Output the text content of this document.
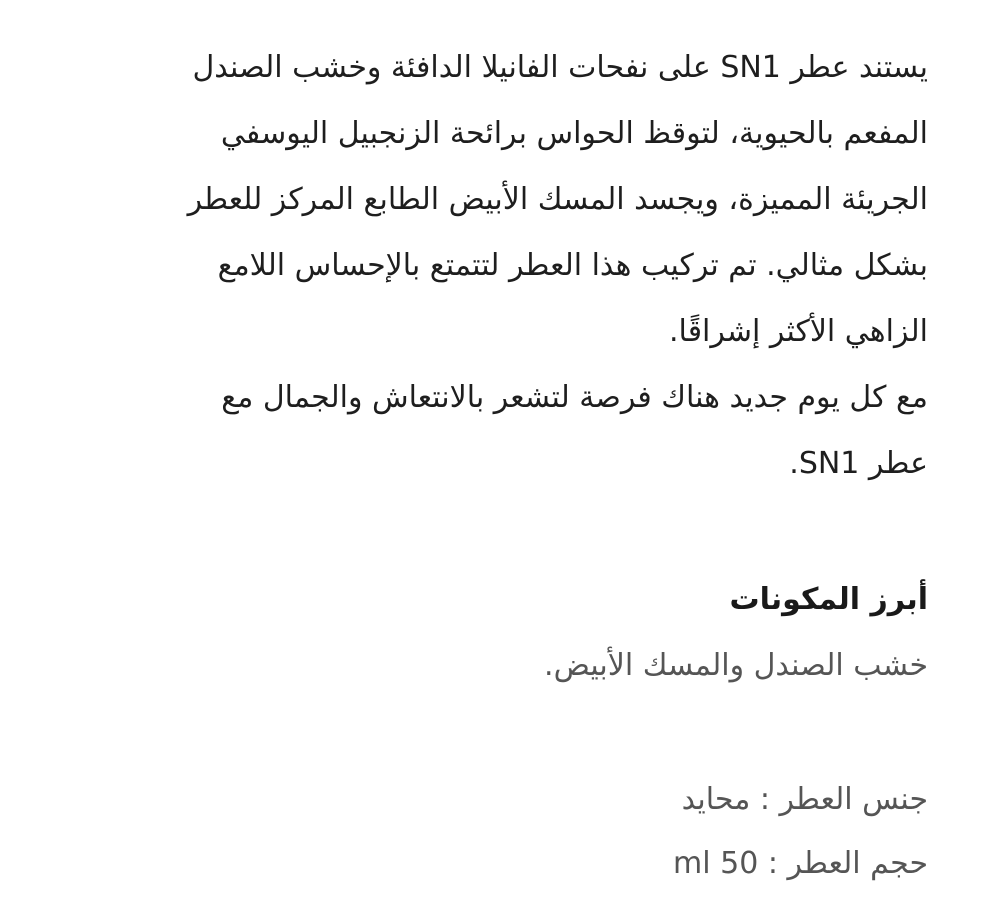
يستند عطر SN1 على نفحات الفانيلا الدافئة وخشب الصندل
المفعم بالحيوية، لتوقظ الحواس برائحة الزنجبيل اليوسفي
الجريئة المميزة، ويجسد المسك الأبيض الطابع المركز للعطر
بشكل مثالي. تم تركيب هذا العطر لتتمتع بالإحساس اللامع
الزاهي الأكثر إشراقًا.
مع كل يوم جديد هناك فرصة لتشعر بالانتعاش والجمال مع
عطر SN1.
أبرز المكونات
خشب الصندل والمسك الأبيض.
جنس العطر : محايد
حجم العطر : 50 ml
